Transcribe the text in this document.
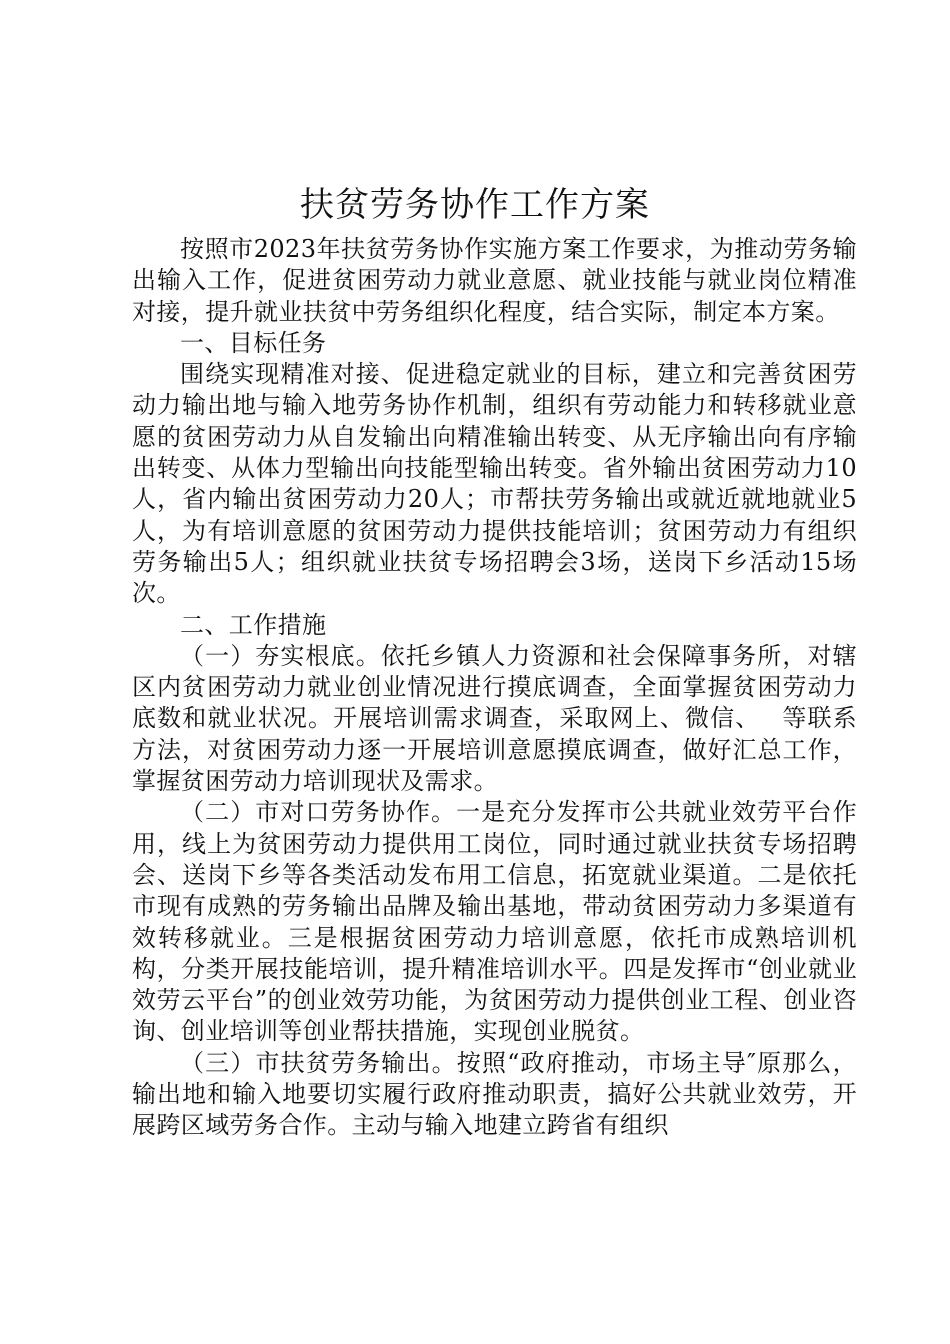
扶贫劳务协作工作方案

按照市2023年扶贫劳务协作实施方案工作要求，为推动劳务输出输入工作，促进贫困劳动力就业意愿、就业技能与就业岗位精准对接，提升就业扶贫中劳务组织化程度，结合实际，制定本方案。

一、目标任务

围绕实现精准对接、促进稳定就业的目标，建立和完善贫困劳动力输出地与输入地劳务协作机制，组织有劳动能力和转移就业意愿的贫困劳动力从自发输出向精准输出转变、从无序输出向有序输出转变、从体力型输出向技能型输出转变。省外输出贫困劳动力10人，省内输出贫困劳动力20人；市帮扶劳务输出或就近就地就业5人，为有培训意愿的贫困劳动力提供技能培训；贫困劳动力有组织劳务输出5人；组织就业扶贫专场招聘会3场，送岗下乡活动15场次。

二、工作措施

（一）夯实根底。依托乡镇人力资源和社会保障事务所，对辖区内贫困劳动力就业创业情况进行摸底调查，全面掌握贫困劳动力底数和就业状况。开展培训需求调查，采取网上、微信、　 等联系方法，对贫困劳动力逐一开展培训意愿摸底调查，做好汇总工作，掌握贫困劳动力培训现状及需求。

（二）市对口劳务协作。一是充分发挥市公共就业效劳平台作用，线上为贫困劳动力提供用工岗位，同时通过就业扶贫专场招聘会、送岗下乡等各类活动发布用工信息，拓宽就业渠道。二是依托市现有成熟的劳务输出品牌及输出基地，带动贫困劳动力多渠道有效转移就业。三是根据贫困劳动力培训意愿，依托市成熟培训机构，分类开展技能培训，提升精准培训水平。四是发挥市“创业就业效劳云平台”的创业效劳功能，为贫困劳动力提供创业工程、创业咨询、创业培训等创业帮扶措施，实现创业脱贫。

（三）市扶贫劳务输出。按照“政府推动，市场主导″原那么，输出地和输入地要切实履行政府推动职责，搞好公共就业效劳，开展跨区域劳务合作。主动与输入地建立跨省有组织
